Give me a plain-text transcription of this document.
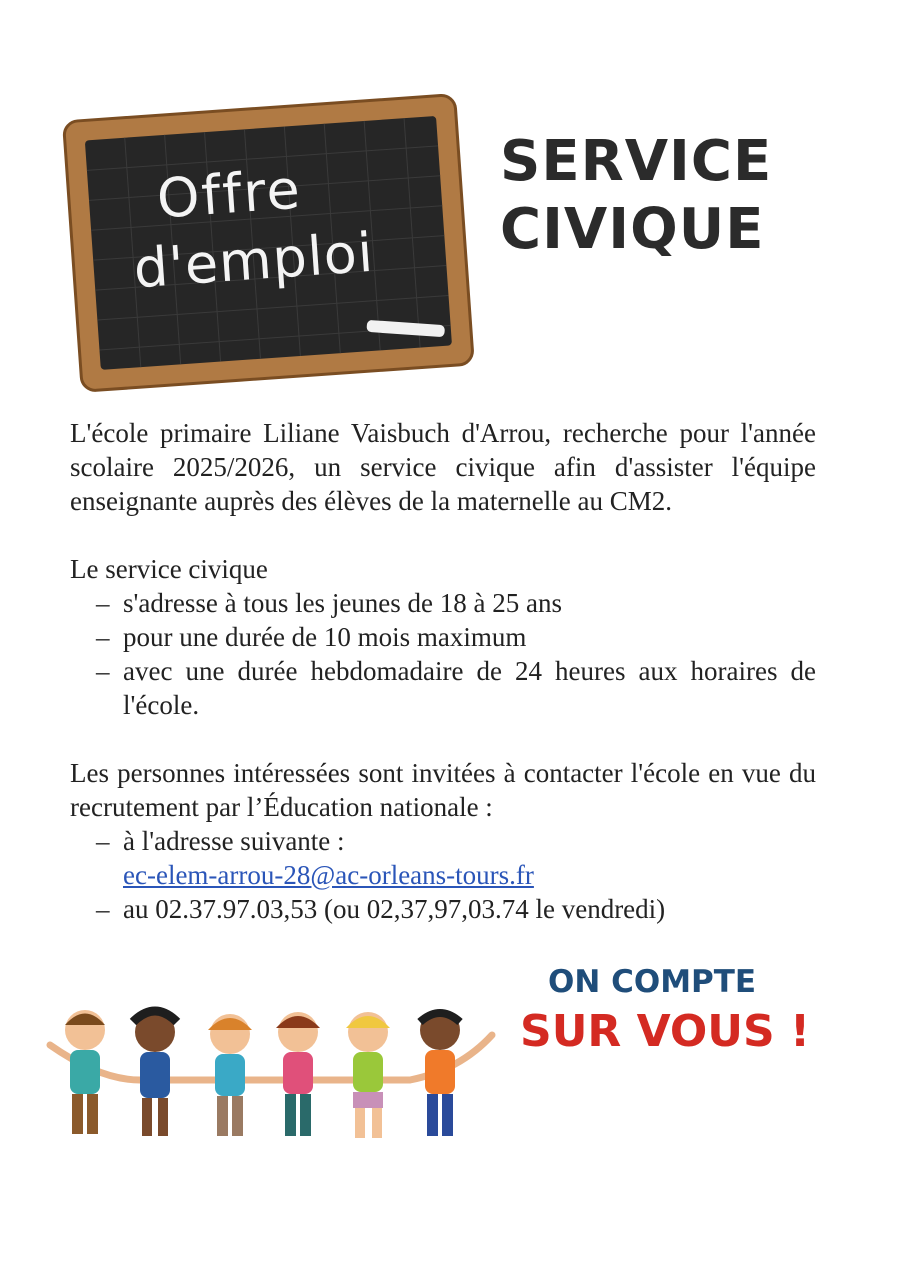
Offre
d'emploi
SERVICE
CIVIQUE

L'école primaire Liliane Vaisbuch d'Arrou, recherche pour l'année scolaire 2025/2026, un service civique afin d'assister l'équipe enseignante auprès des élèves de la maternelle au CM2.

Le service civique
– s'adresse à tous les jeunes de 18 à 25 ans
– pour une durée de 10 mois maximum
– avec une durée hebdomadaire de 24 heures aux horaires de l'école.

Les personnes intéressées sont invitées à contacter l'école en vue du recrutement par l’Éducation nationale :

– à l'adresse suivante :
ec-elem-arrou-28@ac-orleans-tours.fr
– au 02.37.97.03,53 (ou 02,37,97,03.74 le vendredi)
ON COMPTE
SUR VOUS !
